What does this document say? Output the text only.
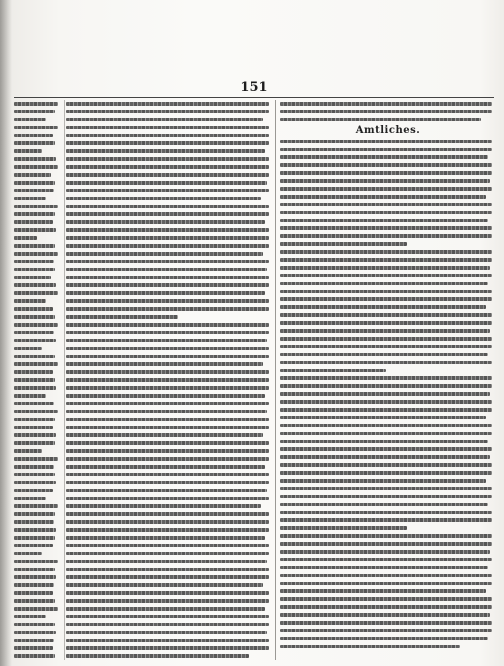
151
Amtliches.
